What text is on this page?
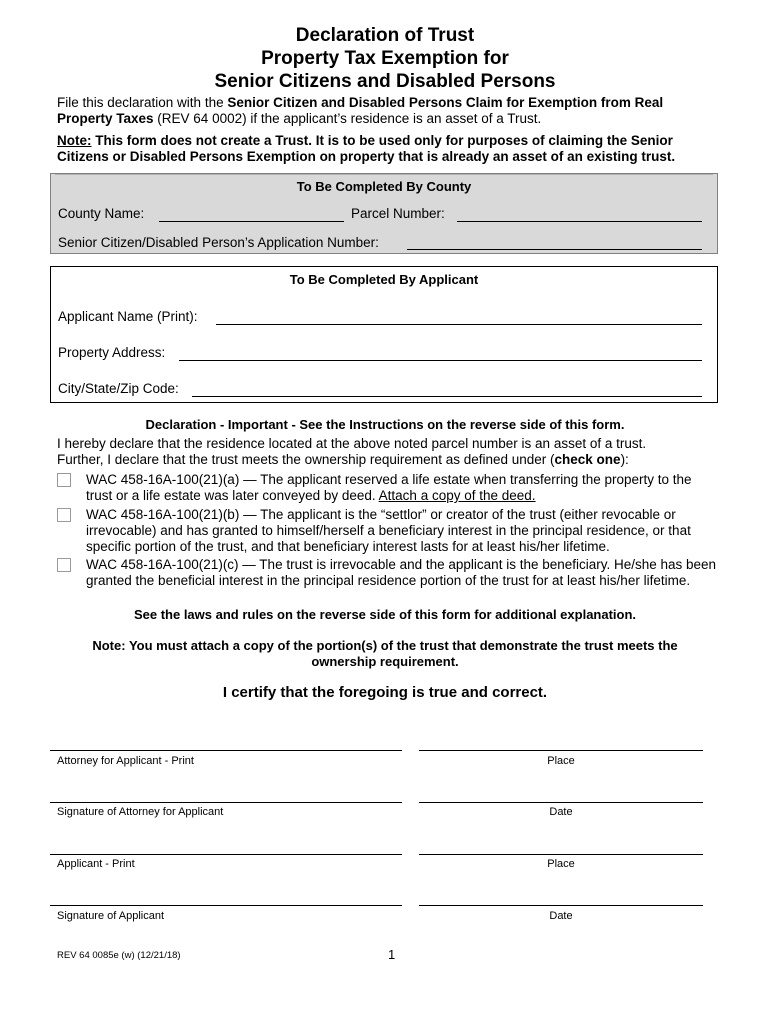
Declaration of Trust
Property Tax Exemption for
Senior Citizens and Disabled Persons
File this declaration with the Senior Citizen and Disabled Persons Claim for Exemption from Real Property Taxes (REV 64 0002) if the applicant’s residence is an asset of a Trust.
Note: This form does not create a Trust. It is to be used only for purposes of claiming the Senior Citizens or Disabled Persons Exemption on property that is already an asset of an existing trust.
To Be Completed By County
County Name:	Parcel Number:
Senior Citizen/Disabled Person’s Application Number:
To Be Completed By Applicant
Applicant Name (Print):
Property Address:
City/State/Zip Code:
Declaration - Important - See the Instructions on the reverse side of this form.
I hereby declare that the residence located at the above noted parcel number is an asset of a trust.
Further, I declare that the trust meets the ownership requirement as defined under (check one):
WAC 458-16A-100(21)(a) — The applicant reserved a life estate when transferring the property to the trust or a life estate was later conveyed by deed. Attach a copy of the deed.
WAC 458-16A-100(21)(b) — The applicant is the “settlor” or creator of the trust (either revocable or irrevocable) and has granted to himself/herself a beneficiary interest in the principal residence, or that specific portion of the trust, and that beneficiary interest lasts for at least his/her lifetime.
WAC 458-16A-100(21)(c) — The trust is irrevocable and the applicant is the beneficiary. He/she has been granted the beneficial interest in the principal residence portion of the trust for at least his/her lifetime.
See the laws and rules on the reverse side of this form for additional explanation.
Note: You must attach a copy of the portion(s) of the trust that demonstrate the trust meets the ownership requirement.
I certify that the foregoing is true and correct.
Attorney for Applicant - Print	Place
Signature of Attorney for Applicant	Date
Applicant - Print	Place
Signature of Applicant	Date
REV 64 0085e (w) (12/21/18)	1
